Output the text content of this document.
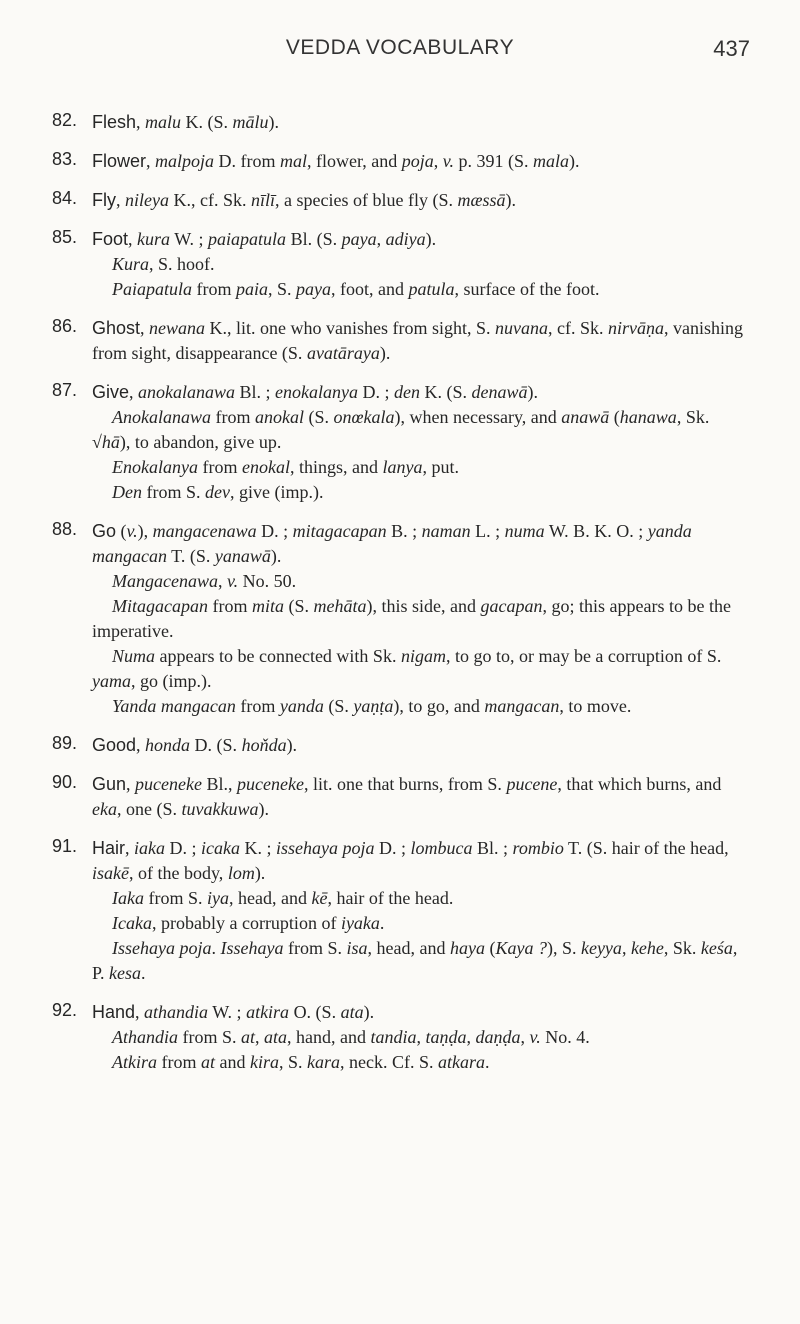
VEDDA VOCABULARY	437
82. Flesh, malu K. (S. mālu).

83. Flower, malpoja D. from mal, flower, and poja, v. p. 391 (S. mala).

84. Fly, nileya K., cf. Sk. nīlī, a species of blue fly (S. mæssā).

85. Foot, kura W. ; paiapatula Bl. (S. paya, adiya).

Kura, S. hoof.

Paiapatula from paia, S. paya, foot, and patula, surface of the foot.

86. Ghost, newana K., lit. one who vanishes from sight, S. nuvana, cf. Sk. nirvāṇa, vanishing from sight, disappearance (S. avatāraya).

87. Give, anokalanawa Bl. ; enokalanya D. ; den K. (S. denawā).

Anokalanawa from anokal (S. onœkala), when necessary, and anawā (hanawa, Sk. √hā), to abandon, give up.

Enokalanya from enokal, things, and lanya, put.

Den from S. dev, give (imp.).

88. Go (v.), mangacenawa D. ; mitagacapan B. ; naman L. ; numa W. B. K. O. ; yanda mangacan T. (S. yanawā).

Mangacenawa, v. No. 50.

Mitagacapan from mita (S. mehāta), this side, and gacapan, go; this appears to be the imperative.

Numa appears to be connected with Sk. nigam, to go to, or may be a corruption of S. yama, go (imp.).

Yanda mangacan from yanda (S. yaṇṭa), to go, and mangacan, to move.

89. Good, honda D. (S. hoňda).

90. Gun, puceneke Bl., puceneke, lit. one that burns, from S. pucene, that which burns, and eka, one (S. tuvakkuwa).

91. Hair, iaka D. ; icaka K. ; issehaya poja D. ; lombuca Bl. ; rombio T. (S. hair of the head, isakē, of the body, lom).

Iaka from S. iya, head, and kē, hair of the head.

Icaka, probably a corruption of iyaka.

Issehaya poja. Issehaya from S. isa, head, and haya (Kaya ?), S. keyya, kehe, Sk. keśa, P. kesa.

92. Hand, athandia W. ; atkira O. (S. ata).

Athandia from S. at, ata, hand, and tandia, taṇḍa, daṇḍa, v. No. 4.

Atkira from at and kira, S. kara, neck. Cf. S. atkara.
